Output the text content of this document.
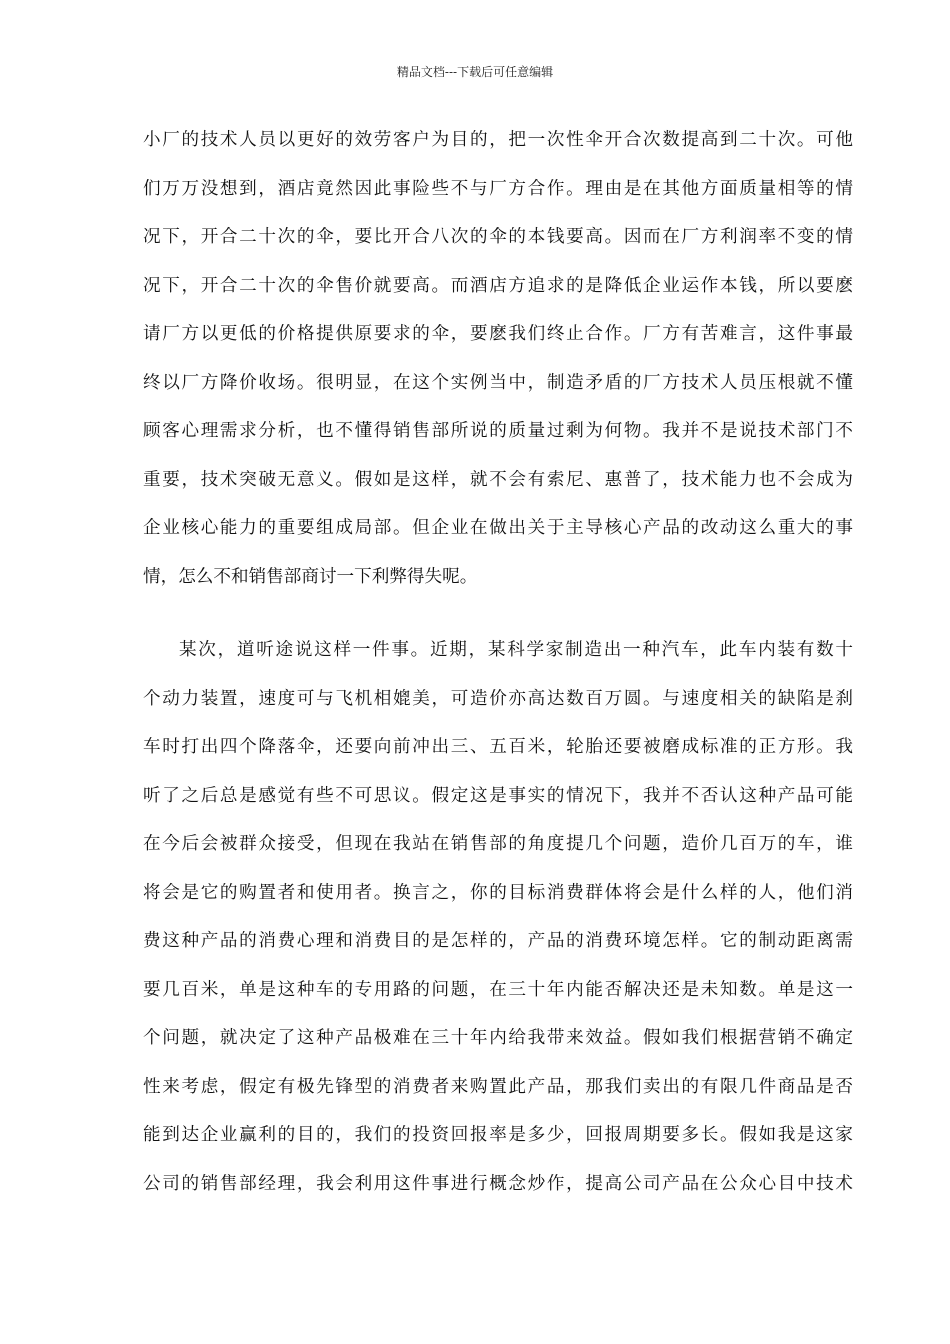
精品文档---下载后可任意编辑
小厂的技术人员以更好的效劳客户为目的，把一次性伞开合次数提高到二十次。可他
们万万没想到，酒店竟然因此事险些不与厂方合作。理由是在其他方面质量相等的情
况下，开合二十次的伞，要比开合八次的伞的本钱要高。因而在厂方利润率不变的情
况下，开合二十次的伞售价就要高。而酒店方追求的是降低企业运作本钱，所以要麽
请厂方以更低的价格提供原要求的伞，要麽我们终止合作。厂方有苦难言，这件事最
终以厂方降价收场。很明显，在这个实例当中，制造矛盾的厂方技术人员压根就不懂
顾客心理需求分析，也不懂得销售部所说的质量过剩为何物。我并不是说技术部门不
重要，技术突破无意义。假如是这样，就不会有索尼、惠普了，技术能力也不会成为
企业核心能力的重要组成局部。但企业在做出关于主导核心产品的改动这么重大的事
情，怎么不和销售部商讨一下利弊得失呢。
某次，道听途说这样一件事。近期，某科学家制造出一种汽车，此车内装有数十
个动力装置，速度可与飞机相媲美，可造价亦高达数百万圆。与速度相关的缺陷是刹
车时打出四个降落伞，还要向前冲出三、五百米，轮胎还要被磨成标准的正方形。我
听了之后总是感觉有些不可思议。假定这是事实的情况下，我并不否认这种产品可能
在今后会被群众接受，但现在我站在销售部的角度提几个问题，造价几百万的车，谁
将会是它的购置者和使用者。换言之，你的目标消费群体将会是什么样的人，他们消
费这种产品的消费心理和消费目的是怎样的，产品的消费环境怎样。它的制动距离需
要几百米，单是这种车的专用路的问题，在三十年内能否解决还是未知数。单是这一
个问题，就决定了这种产品极难在三十年内给我带来效益。假如我们根据营销不确定
性来考虑，假定有极先锋型的消费者来购置此产品，那我们卖出的有限几件商品是否
能到达企业赢利的目的，我们的投资回报率是多少，回报周期要多长。假如我是这家
公司的销售部经理，我会利用这件事进行概念炒作，提高公司产品在公众心目中技术
